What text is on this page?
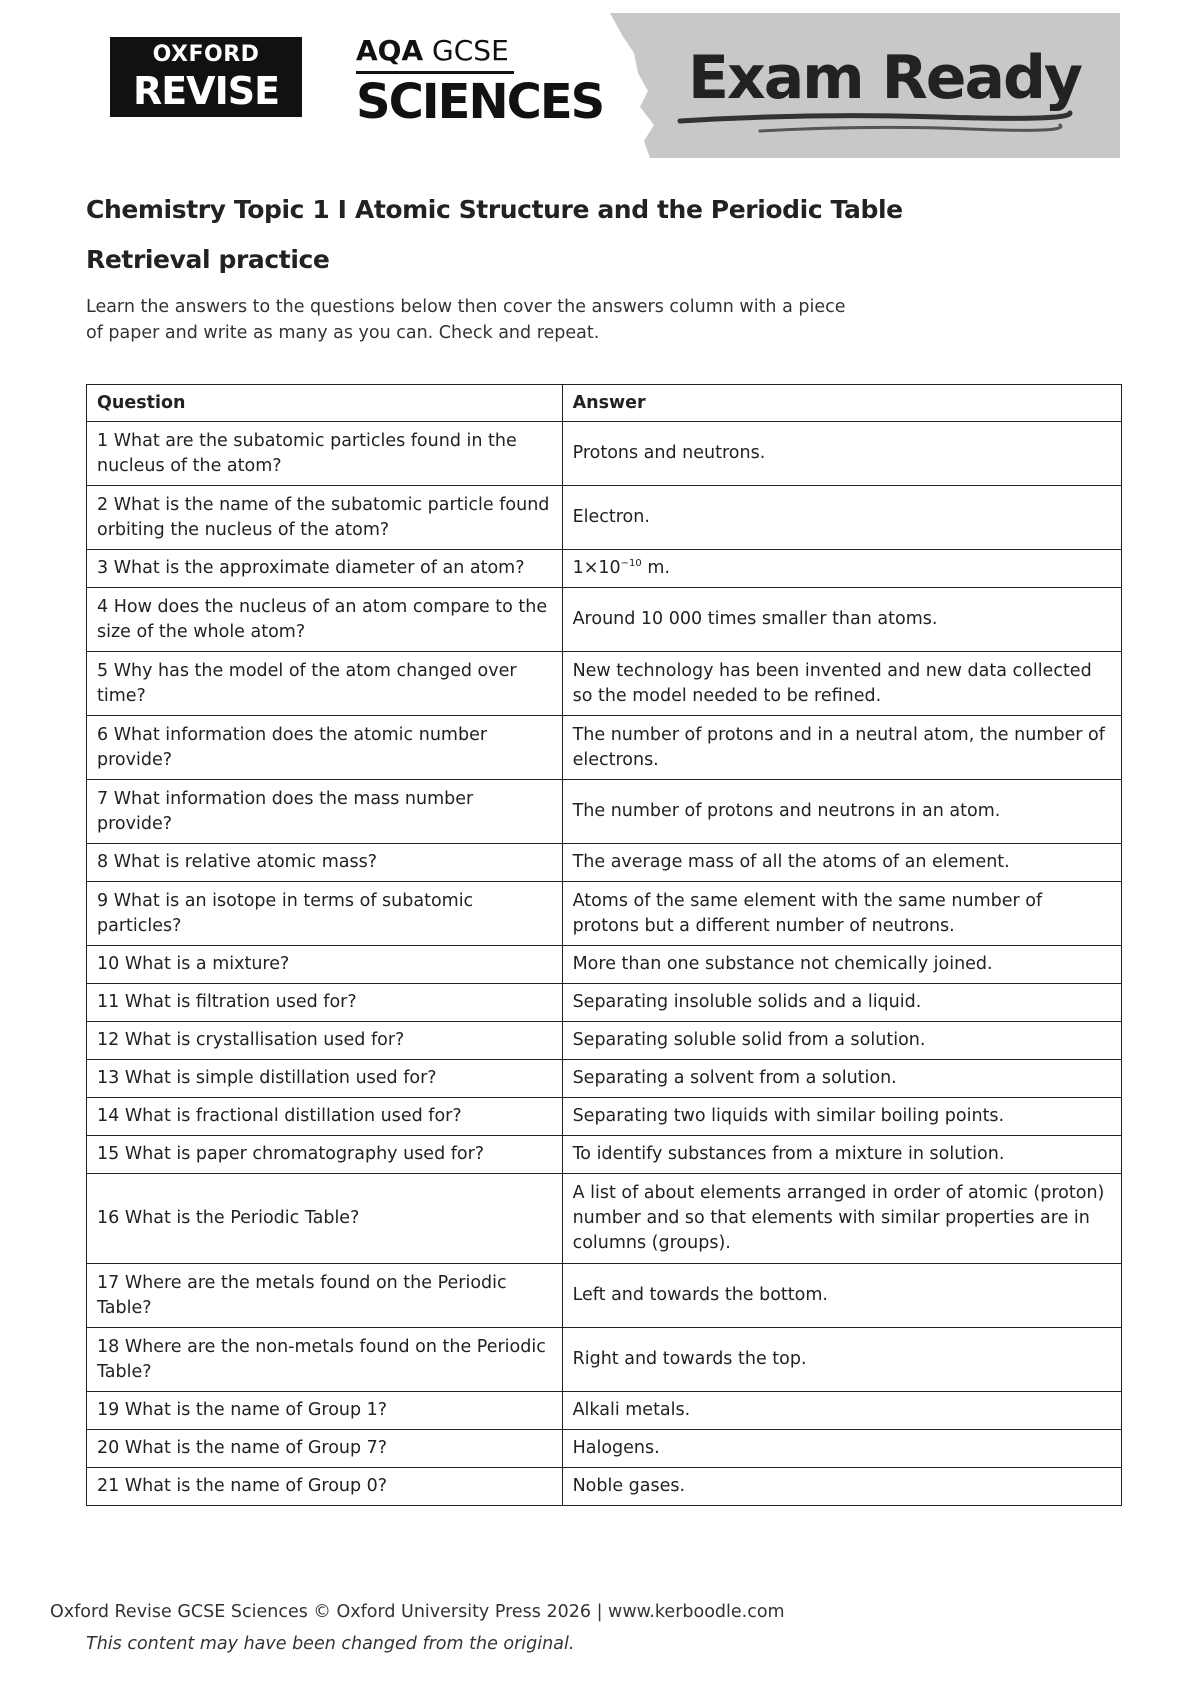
OXFORD
REVISE
AQA GCSE
SCIENCES Exam Ready
Chemistry Topic 1 I Atomic Structure and the Periodic Table
Retrieval practice
Learn the answers to the questions below then cover the answers column with a piece
of paper and write as many as you can. Check and repeat.
Question	Answer
1 What are the subatomic particles found in the nucleus of the atom?	Protons and neutrons.
2 What is the name of the subatomic particle found orbiting the nucleus of the atom?	Electron.
3 What is the approximate diameter of an atom?	$1\times 10^{-10}$ m.
4 How does the nucleus of an atom compare to the size of the whole atom?	Around 10 000 times smaller than atoms.
5 Why has the model of the atom changed over time?	New technology has been invented and new data collected so the model needed to be refined.
6 What information does the atomic number provide?	The number of protons and in a neutral atom, the number of electrons.
7 What information does the mass number provide?	The number of protons and neutrons in an atom.
8 What is relative atomic mass?	The average mass of all the atoms of an element.
9 What is an isotope in terms of subatomic particles?	Atoms of the same element with the same number of protons but a different number of neutrons.
10 What is a mixture?	More than one substance not chemically joined.
11 What is filtration used for?	Separating insoluble solids and a liquid.
12 What is crystallisation used for?	Separating soluble solid from a solution.
13 What is simple distillation used for?	Separating a solvent from a solution.
14 What is fractional distillation used for?	Separating two liquids with similar boiling points.
15 What is paper chromatography used for?	To identify substances from a mixture in solution.
16 What is the Periodic Table?	A list of about elements arranged in order of atomic (proton) number and so that elements with similar properties are in columns (groups).
17 Where are the metals found on the Periodic Table?	Left and towards the bottom.
18 Where are the non-metals found on the Periodic Table?	Right and towards the top.
19 What is the name of Group 1?	Alkali metals.
20 What is the name of Group 7?	Halogens.
21 What is the name of Group 0?	Noble gases.
Oxford Revise GCSE Sciences © Oxford University Press 2026 | www.kerboodle.com
This content may have been changed from the original.
